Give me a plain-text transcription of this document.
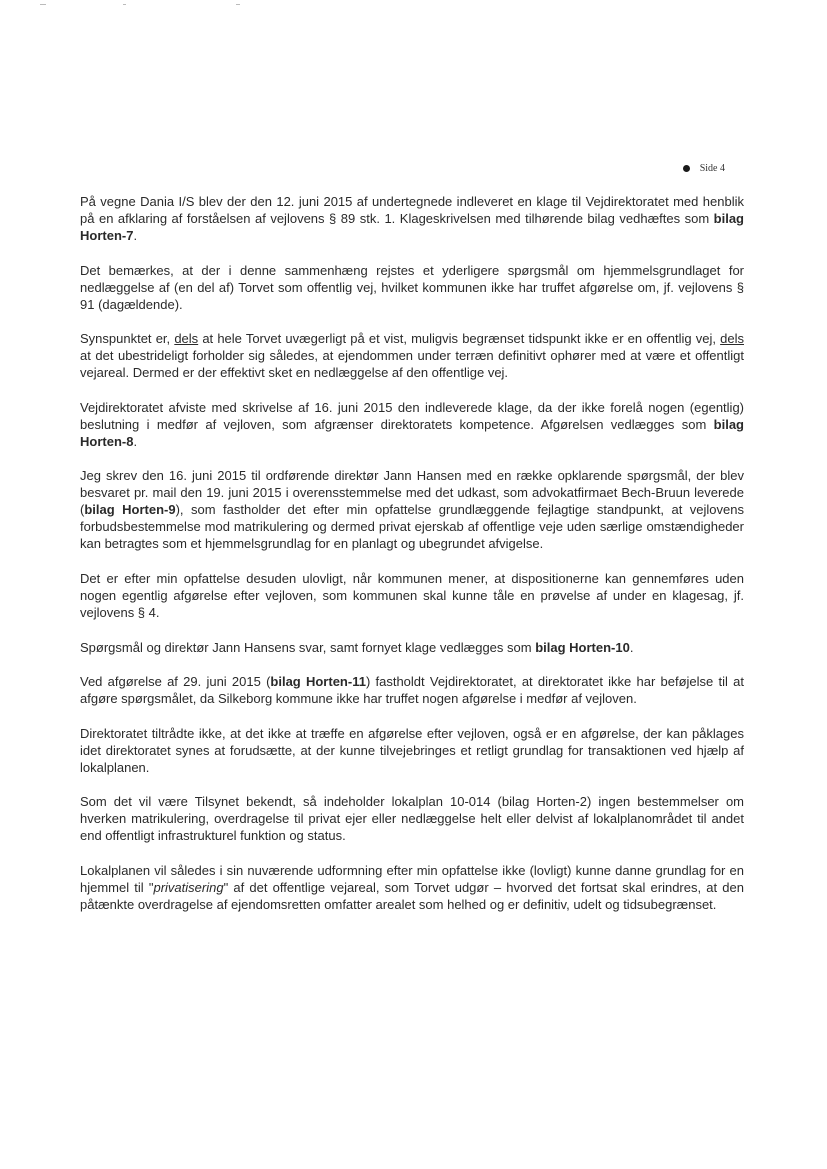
Side 4

På vegne Dania I/S blev der den 12. juni 2015 af undertegnede indleveret en klage til Vejdirektoratet med henblik på en afklaring af forståelsen af vejlovens § 89 stk. 1. Klageskrivelsen med tilhørende bilag vedhæftes som bilag Horten-7.

Det bemærkes, at der i denne sammenhæng rejstes et yderligere spørgsmål om hjemmelsgrundlaget for nedlæggelse af (en del af) Torvet som offentlig vej, hvilket kommunen ikke har truffet afgørelse om, jf. vejlovens § 91 (dagældende).

Synspunktet er, dels at hele Torvet uvægerligt på et vist, muligvis begrænset tidspunkt ikke er en offentlig vej, dels at det ubestrideligt forholder sig således, at ejendommen under terræn definitivt ophører med at være et offentligt vejareal. Dermed er der effektivt sket en nedlæggelse af den offentlige vej.

Vejdirektoratet afviste med skrivelse af 16. juni 2015 den indleverede klage, da der ikke forelå nogen (egentlig) beslutning i medfør af vejloven, som afgrænser direktoratets kompetence. Afgørelsen vedlægges som bilag Horten-8.

Jeg skrev den 16. juni 2015 til ordførende direktør Jann Hansen med en række opklarende spørgsmål, der blev besvaret pr. mail den 19. juni 2015 i overensstemmelse med det udkast, som advokatfirmaet Bech-Bruun leverede (bilag Horten-9), som fastholder det efter min opfattelse grundlæggende fejlagtige standpunkt, at vejlovens forbudsbestemmelse mod matrikulering og dermed privat ejerskab af offentlige veje uden særlige omstændigheder kan betragtes som et hjemmelsgrundlag for en planlagt og ubegrundet afvigelse.

Det er efter min opfattelse desuden ulovligt, når kommunen mener, at dispositionerne kan gennemføres uden nogen egentlig afgørelse efter vejloven, som kommunen skal kunne tåle en prøvelse af under en klagesag, jf. vejlovens § 4.

Spørgsmål og direktør Jann Hansens svar, samt fornyet klage vedlægges som bilag Horten-10.

Ved afgørelse af 29. juni 2015 (bilag Horten-11) fastholdt Vejdirektoratet, at direktoratet ikke har beføjelse til at afgøre spørgsmålet, da Silkeborg kommune ikke har truffet nogen afgørelse i medfør af vejloven.

Direktoratet tiltrådte ikke, at det ikke at træffe en afgørelse efter vejloven, også er en afgørelse, der kan påklages idet direktoratet synes at forudsætte, at der kunne tilvejebringes et retligt grundlag for transaktionen ved hjælp af lokalplanen.

Som det vil være Tilsynet bekendt, så indeholder lokalplan 10-014 (bilag Horten-2) ingen bestemmelser om hverken matrikulering, overdragelse til privat ejer eller nedlæggelse helt eller delvist af lokalplanområdet til andet end offentligt infrastrukturel funktion og status.

Lokalplanen vil således i sin nuværende udformning efter min opfattelse ikke (lovligt) kunne danne grundlag for en hjemmel til "privatisering" af det offentlige vejareal, som Torvet udgør – hvorved det fortsat skal erindres, at den påtænkte overdragelse af ejendomsretten omfatter arealet som helhed og er definitiv, udelt og tidsubegrænset.
